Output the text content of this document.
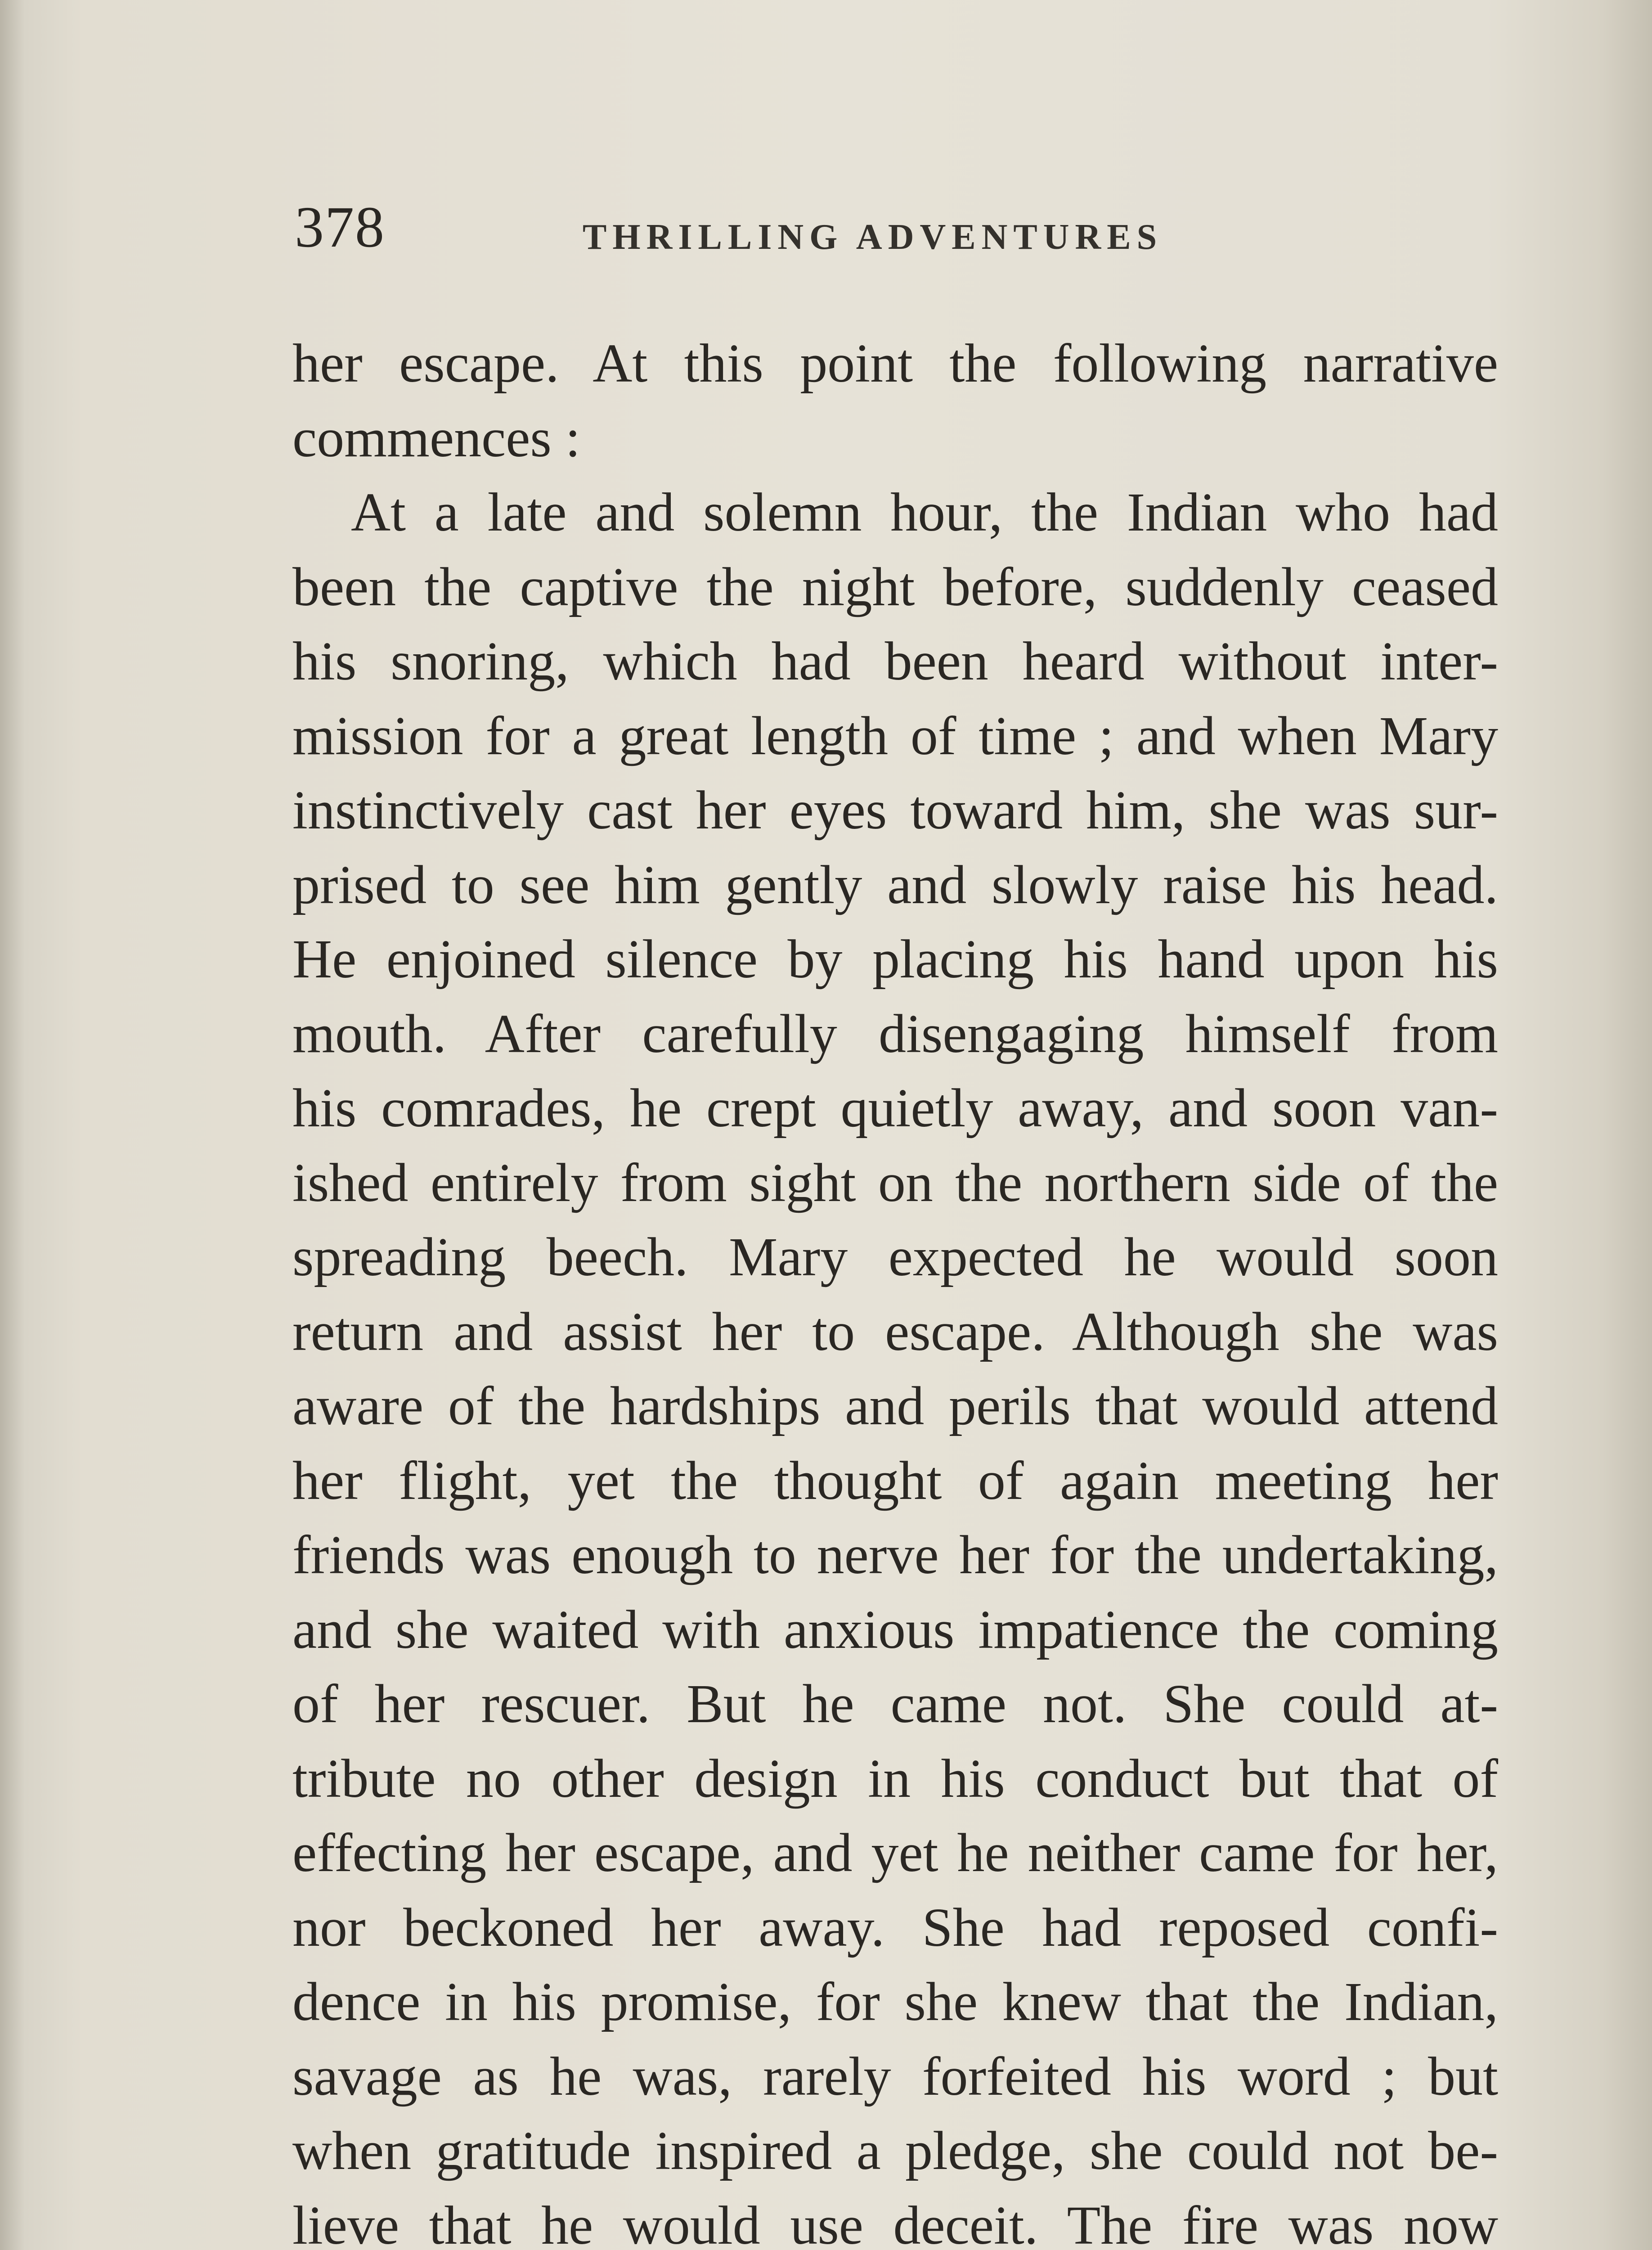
378	THRILLING ADVENTURES
her escape. At this point the following narrative
commences :
At a late and solemn hour, the Indian who had
been the captive the night before, suddenly ceased
his snoring, which had been heard without inter-
mission for a great length of time ; and when Mary
instinctively cast her eyes toward him, she was sur-
prised to see him gently and slowly raise his head.
He enjoined silence by placing his hand upon his
mouth. After carefully disengaging himself from
his comrades, he crept quietly away, and soon van-
ished entirely from sight on the northern side of the
spreading beech. Mary expected he would soon
return and assist her to escape. Although she was
aware of the hardships and perils that would attend
her flight, yet the thought of again meeting her
friends was enough to nerve her for the undertaking,
and she waited with anxious impatience the coming
of her rescuer. But he came not. She could at-
tribute no other design in his conduct but that of
effecting her escape, and yet he neither came for her,
nor beckoned her away. She had reposed confi-
dence in his promise, for she knew that the Indian,
savage as he was, rarely forfeited his word ; but
when gratitude inspired a pledge, she could not be-
lieve that he would use deceit. The fire was now
